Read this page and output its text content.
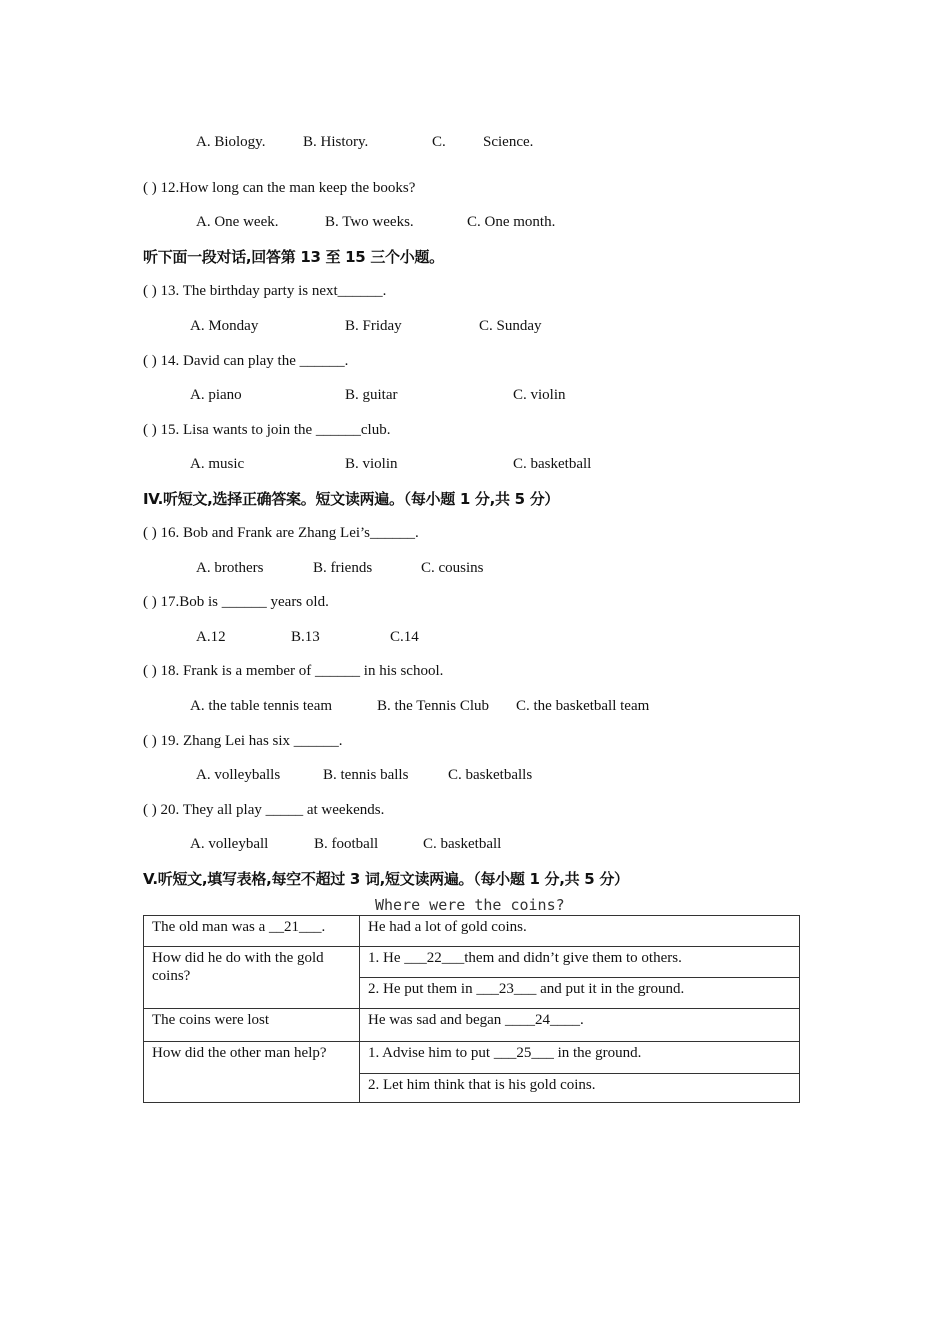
A. Biology.	B. History.	C. Science.
( ) 12.How long can the man keep the books?
A. One week.	B. Two weeks.	C. One month.
听下面一段对话,回答第 13 至 15 三个小题。
( ) 13. The birthday party is next______.
A. Monday	B. Friday	C. Sunday
( ) 14. David can play the ______.
A. piano	B. guitar	C. violin
( ) 15. Lisa wants to join the ______club.
A. music	B. violin	C. basketball
IV.听短文,选择正确答案。短文读两遍。（每小题 1 分,共 5 分）
( ) 16. Bob and Frank are Zhang Lei’s______.
A. brothers	B. friends	C. cousins
( ) 17.Bob is ______ years old.
A.12	B.13	C.14
( ) 18. Frank is a member of ______ in his school.
A. the table tennis team	B. the Tennis Club C. the basketball team
( ) 19. Zhang Lei has six ______.
A. volleyballs	B. tennis balls	C. basketballs
( ) 20. They all play _____ at weekends.
A. volleyball	B. football	C. basketball
V.听短文,填写表格,每空不超过 3 词,短文读两遍。（每小题 1 分,共 5 分）
Where were the coins?
The old man was a __21___.	He had a lot of gold coins.
How did he do with the gold coins?	1. He ___22___them and didn’t give them to others.
	2. He put them in ___23___ and put it in the ground.
The coins were lost	He was sad and began ____24____.
How did the other man help?	1. Advise him to put ___25___ in the ground.
	2. Let him think that is his gold coins.
